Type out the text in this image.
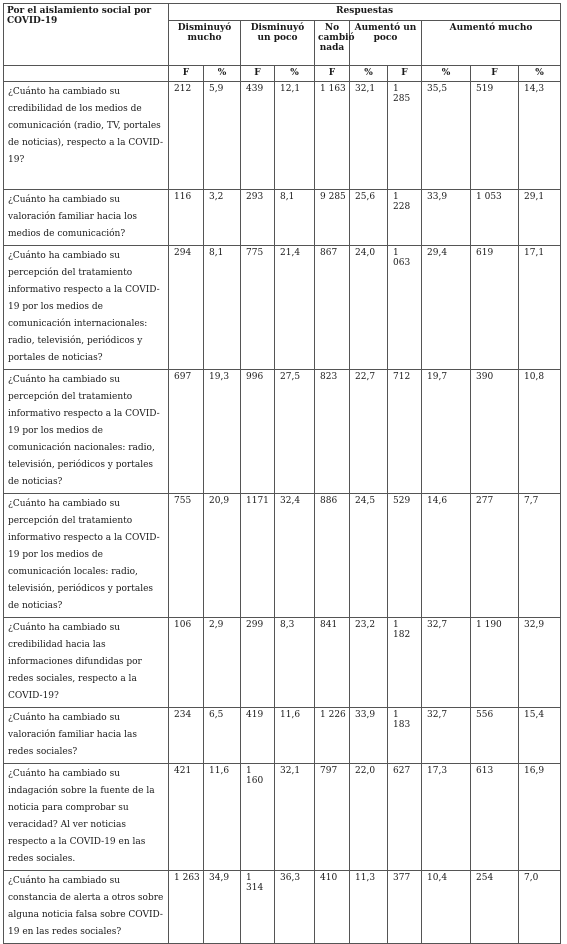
Por el aislamiento social por COVID-19	Respuestas									
	Disminuyó mucho		Disminuyó un poco		No cambió nada	Aumentó un poco		Aumentó mucho		
	F	%	F	%	F	%	F	%	F	%
¿Cuánto ha cambiado su credibilidad de los medios de comunicación (radio, TV, portales de noticias), respecto a la COVID-19?	212	5,9	439	12,1	1 163	32,1	1 285	35,5	519	14,3
¿Cuánto ha cambiado su valoración familiar hacia los medios de comunicación?	116	3,2	293	8,1	9 285	25,6	1 228	33,9	1 053	29,1
¿Cuánto ha cambiado su percepción del tratamiento informativo respecto a la COVID-19 por los medios de comunicación internacionales: radio, televisión, periódicos y portales de noticias?	294	8,1	775	21,4	867	24,0	1 063	29,4	619	17,1
¿Cuánto ha cambiado su percepción del tratamiento informativo respecto a la COVID-19 por los medios de comunicación nacionales: radio, televisión, periódicos y portales de noticias?	697	19,3	996	27,5	823	22,7	712	19,7	390	10,8
¿Cuánto ha cambiado su percepción del tratamiento informativo respecto a la COVID-19 por los medios de comunicación locales: radio, televisión, periódicos y portales de noticias?	755	20,9	1171	32,4	886	24,5	529	14,6	277	7,7
¿Cuánto ha cambiado su credibilidad hacia las informaciones difundidas por redes sociales, respecto a la COVID-19?	106	2,9	299	8,3	841	23,2	1 182	32,7	1 190	32,9
¿Cuánto ha cambiado su valoración familiar hacia las redes sociales?	234	6,5	419	11,6	1 226	33,9	1 183	32,7	556	15,4
¿Cuánto ha cambiado su indagación sobre la fuente de la noticia para comprobar su veracidad? Al ver noticias respecto a la COVID-19 en las redes sociales.	421	11,6	1 160	32,1	797	22,0	627	17,3	613	16,9
¿Cuánto ha cambiado su constancia de alerta a otros sobre alguna noticia falsa sobre COVID-19 en las redes sociales?	1 263	34,9	1 314	36,3	410	11,3	377	10,4	254	7,0
